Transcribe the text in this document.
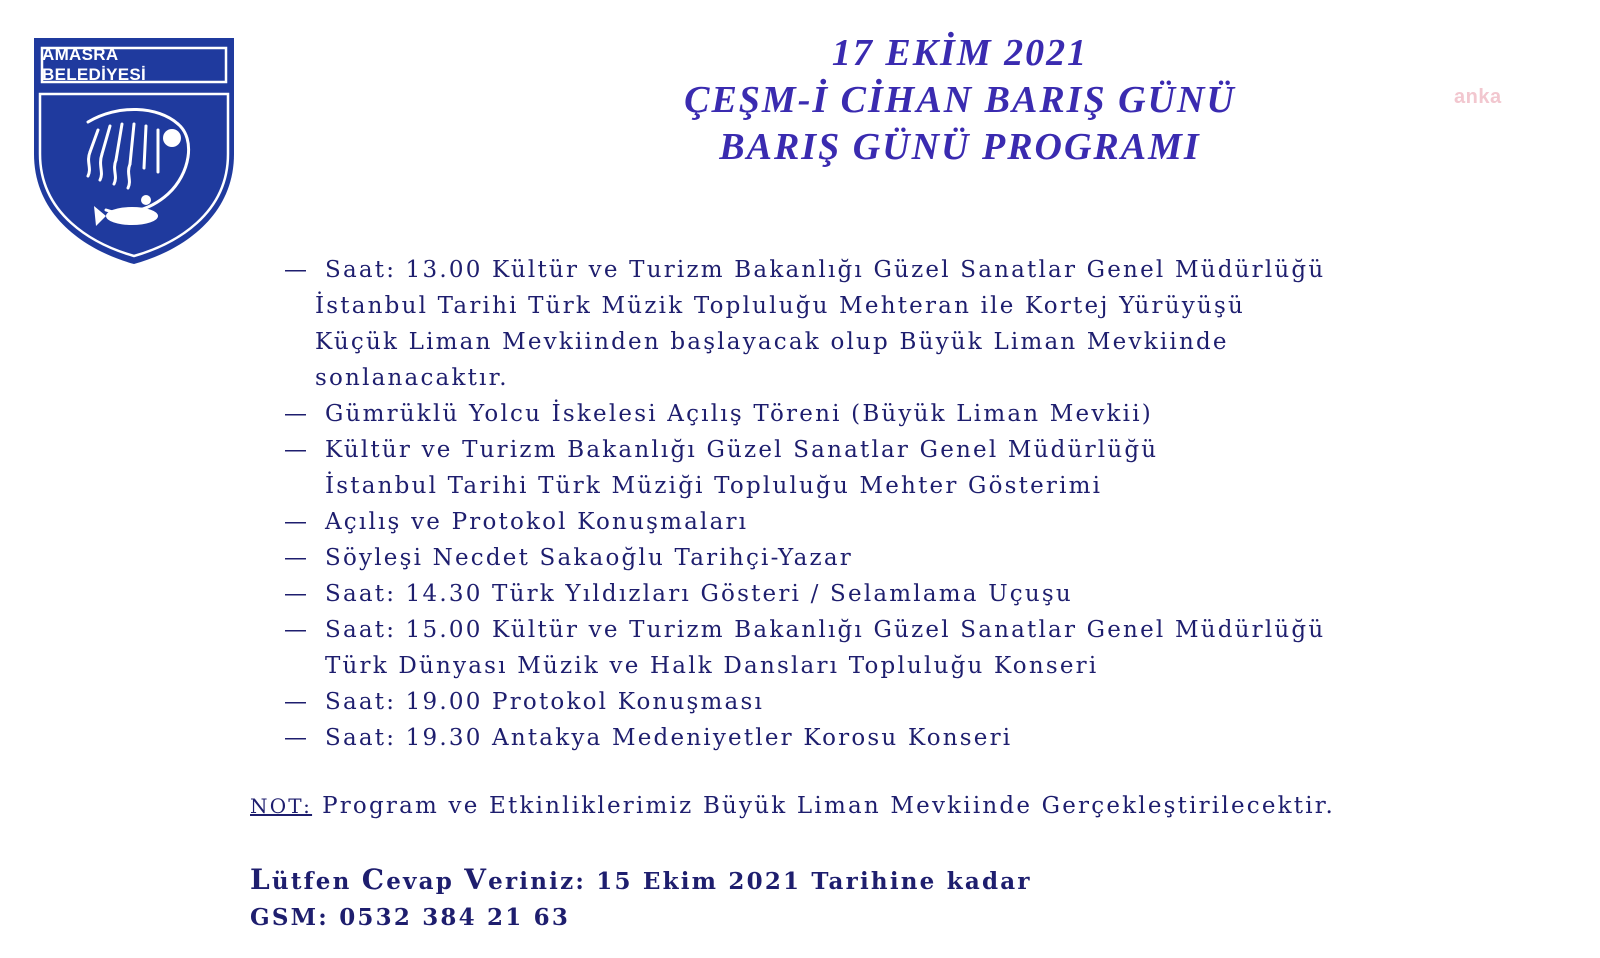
AMASRA BELEDİYESİ
anka
17 EKİM 2021
ÇEŞM-İ CİHAN BARIŞ GÜNÜ
BARIŞ GÜNÜ PROGRAMI
— Saat: 13.00 Kültür ve Turizm Bakanlığı Güzel Sanatlar Genel Müdürlüğü
İstanbul Tarihi Türk Müzik Topluluğu Mehteran ile Kortej Yürüyüşü
Küçük Liman Mevkiinden başlayacak olup Büyük Liman Mevkiinde
sonlanacaktır.
— Gümrüklü Yolcu İskelesi Açılış Töreni (Büyük Liman Mevkii)
— Kültür ve Turizm Bakanlığı Güzel Sanatlar Genel Müdürlüğü
İstanbul Tarihi Türk Müziği Topluluğu Mehter Gösterimi
— Açılış ve Protokol Konuşmaları
— Söyleşi Necdet Sakaoğlu Tarihçi-Yazar
— Saat: 14.30 Türk Yıldızları Gösteri / Selamlama Uçuşu
— Saat: 15.00 Kültür ve Turizm Bakanlığı Güzel Sanatlar Genel Müdürlüğü
Türk Dünyası Müzik ve Halk Dansları Topluluğu Konseri
— Saat: 19.00 Protokol Konuşması
— Saat: 19.30 Antakya Medeniyetler Korosu Konseri
NOT: Program ve Etkinliklerimiz Büyük Liman Mevkiinde Gerçekleştirilecektir.
Lütfen Cevap Veriniz: 15 Ekim 2021 Tarihine kadar
GSM: 0532 384 21 63
